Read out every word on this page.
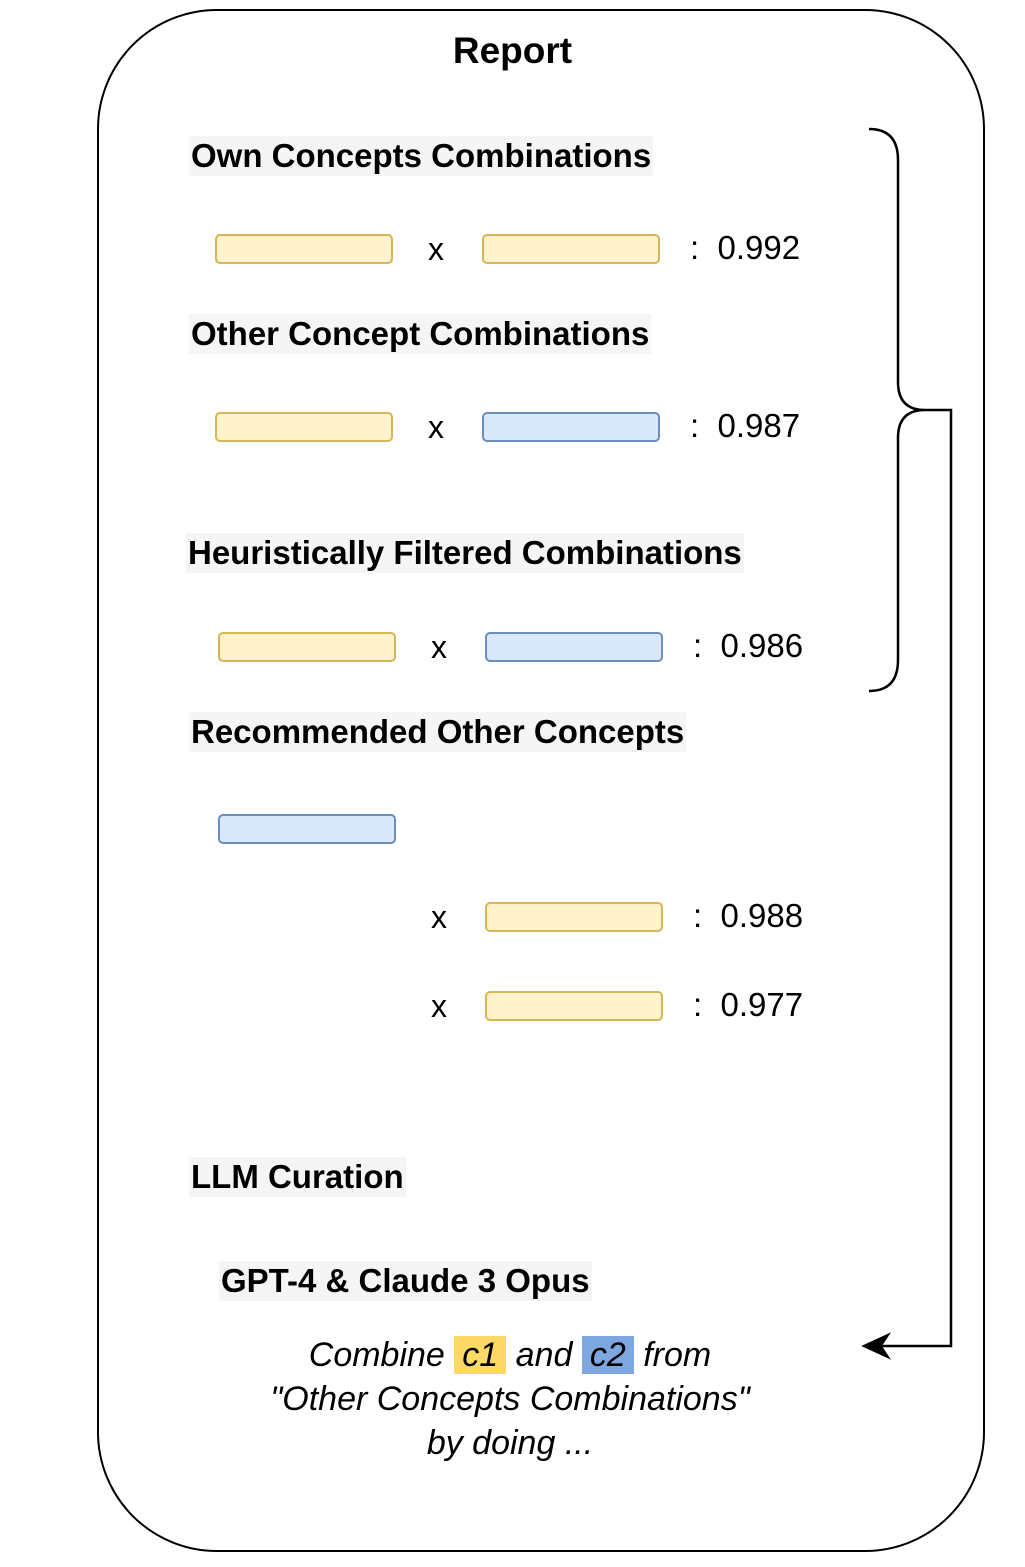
Report
Own Concepts Combinations
x	:  0.992
Other Concept Combinations
x	:  0.987
Heuristically Filtered Combinations
x	:  0.986
Recommended Other Concepts
x	:  0.988
x	:  0.977
LLM Curation
GPT-4 & Claude 3 Opus
Combine c1 and c2 from
"Other Concepts Combinations"
by doing ...
